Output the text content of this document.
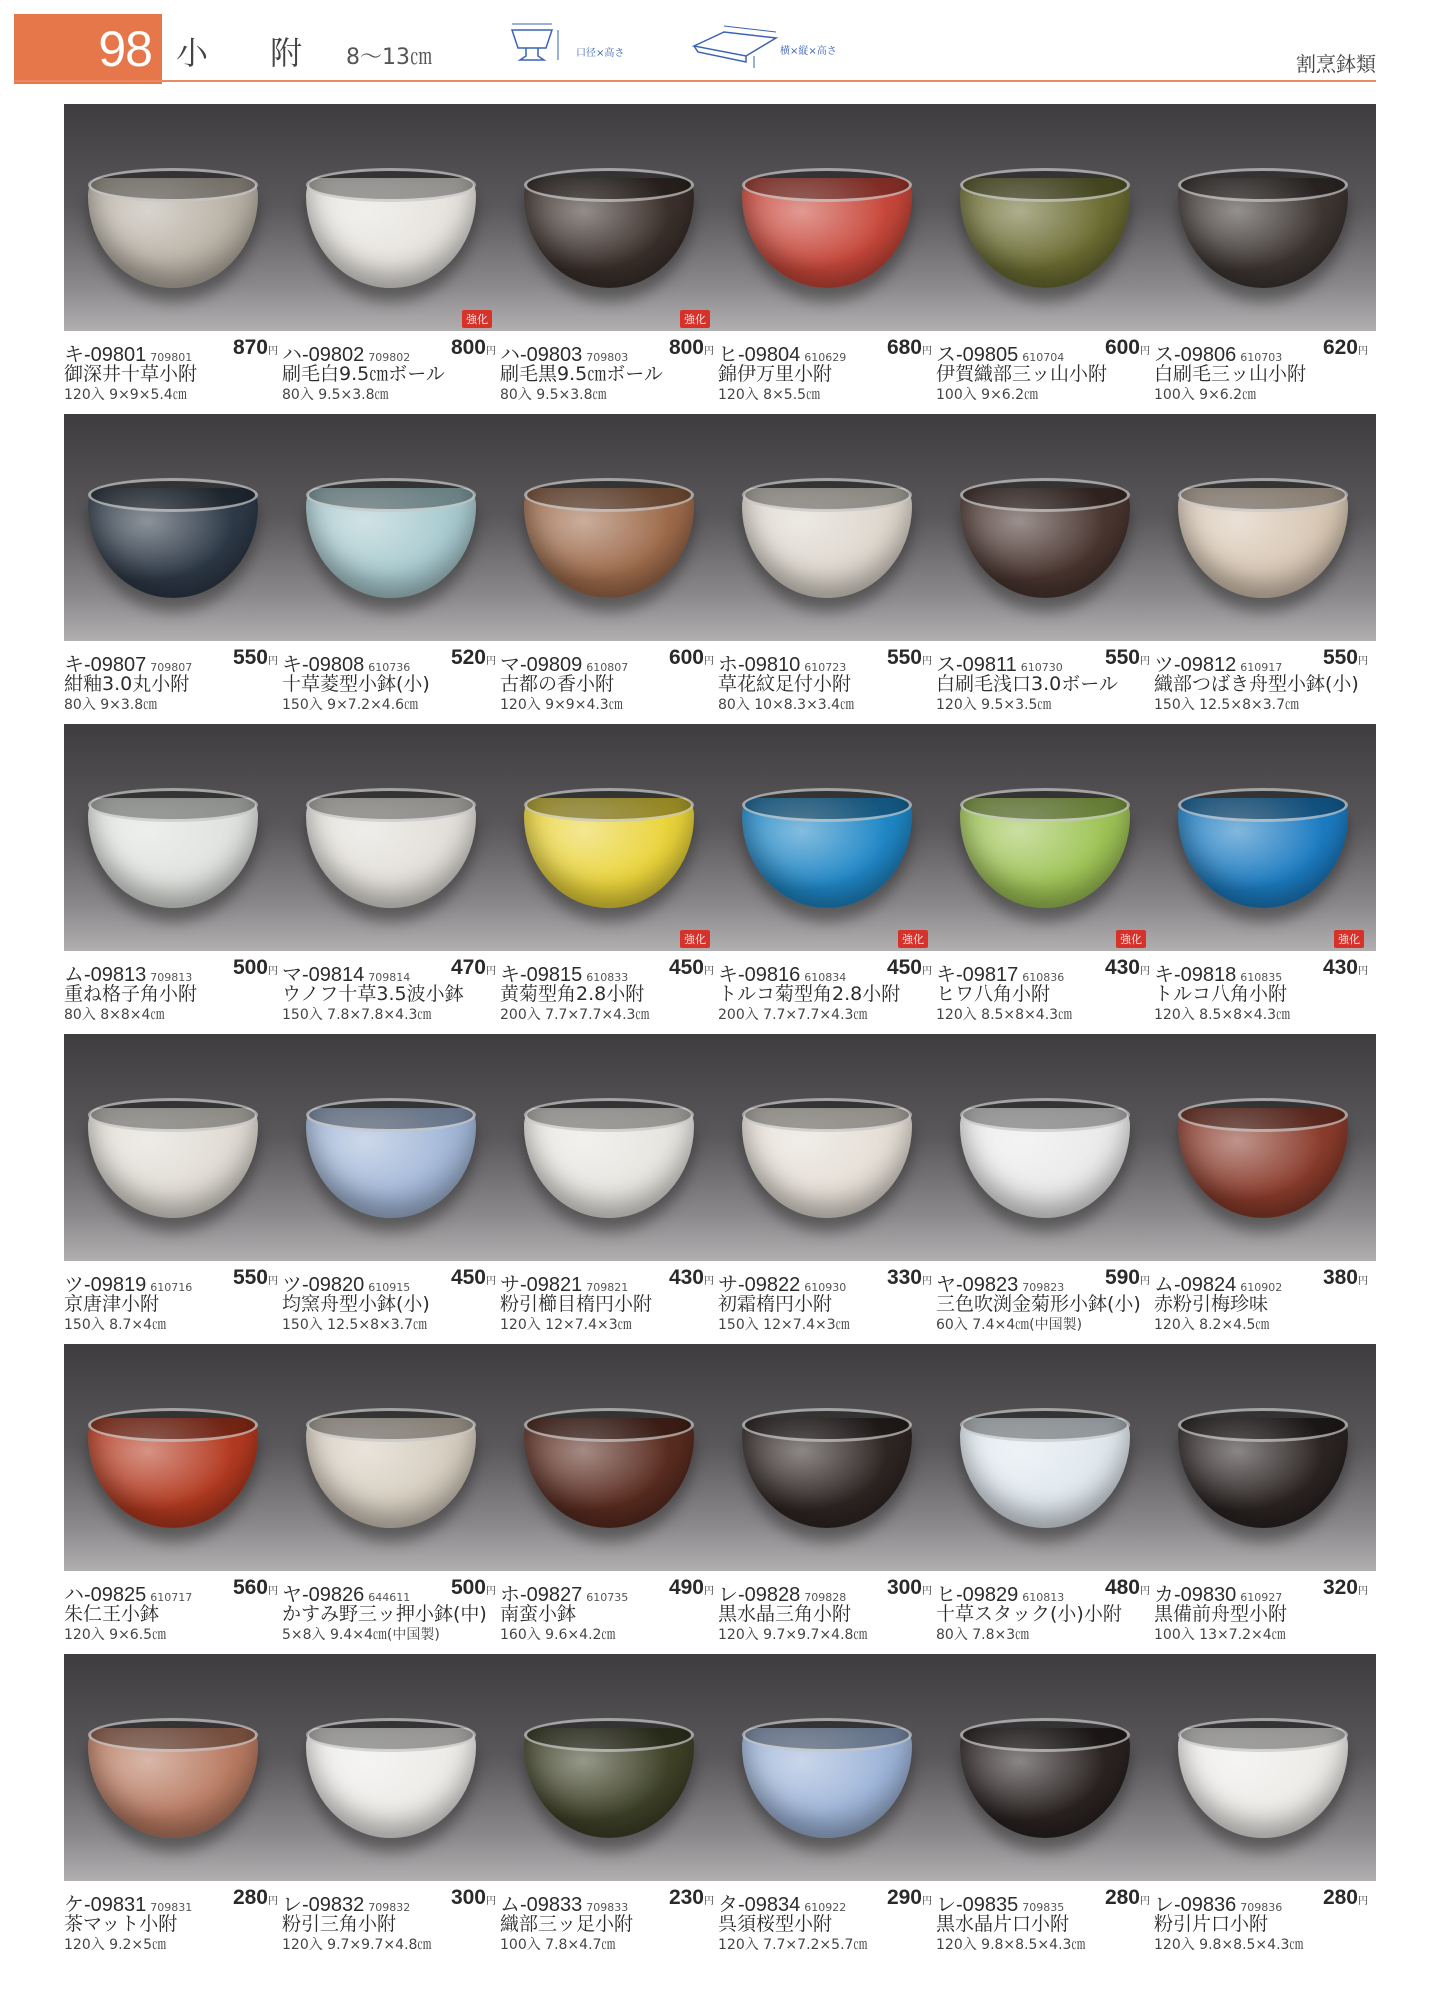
98 小 附 8〜13㎝	口径×高さ	横×縦×高さ
割烹鉢類
キ-09801 709801 870円
御深井十草小附
120入 9×9×5.4㎝
強化
ハ-09802 709802 800円
刷毛白9.5㎝ボール
80入 9.5×3.8㎝
強化
ハ-09803 709803 800円
刷毛黒9.5㎝ボール
80入 9.5×3.8㎝
ヒ-09804 610629 680円
錦伊万里小附
120入 8×5.5㎝
ス-09805 610704 600円
伊賀織部三ッ山小附
100入 9×6.2㎝
ス-09806 610703 620円
白刷毛三ッ山小附
100入 9×6.2㎝
キ-09807 709807 550円
紺釉3.0丸小附
80入 9×3.8㎝
キ-09808 610736 520円
十草菱型小鉢(小)
150入 9×7.2×4.6㎝
マ-09809 610807 600円
古都の香小附
120入 9×9×4.3㎝
ホ-09810 610723 550円
草花紋足付小附
80入 10×8.3×3.4㎝
ス-09811 610730 550円
白刷毛浅口3.0ボール
120入 9.5×3.5㎝
ツ-09812 610917 550円
織部つばき舟型小鉢(小)
150入 12.5×8×3.7㎝
ム-09813 709813 500円
重ね格子角小附
80入 8×8×4㎝
マ-09814 709814 470円
ウノフ十草3.5波小鉢
150入 7.8×7.8×4.3㎝
強化
キ-09815 610833 450円
黄菊型角2.8小附
200入 7.7×7.7×4.3㎝
強化
キ-09816 610834 450円
トルコ菊型角2.8小附
200入 7.7×7.7×4.3㎝
強化
キ-09817 610836 430円
ヒワ八角小附
120入 8.5×8×4.3㎝
強化
キ-09818 610835 430円
トルコ八角小附
120入 8.5×8×4.3㎝
ツ-09819 610716 550円
京唐津小附
150入 8.7×4㎝
ツ-09820 610915 450円
均窯舟型小鉢(小)
150入 12.5×8×3.7㎝
サ-09821 709821 430円
粉引櫛目楕円小附
120入 12×7.4×3㎝
サ-09822 610930 330円
初霜楕円小附
150入 12×7.4×3㎝
ヤ-09823 709823 590円
三色吹渕金菊形小鉢(小)
60入 7.4×4㎝(中国製)
ム-09824 610902 380円
赤粉引梅珍味
120入 8.2×4.5㎝
ハ-09825 610717 560円
朱仁王小鉢
120入 9×6.5㎝
ヤ-09826 644611 500円
かすみ野三ッ押小鉢(中)
5×8入 9.4×4㎝(中国製)
ホ-09827 610735 490円
南蛮小鉢
160入 9.6×4.2㎝
レ-09828 709828 300円
黒水晶三角小附
120入 9.7×9.7×4.8㎝
ヒ-09829 610813 480円
十草スタック(小)小附
80入 7.8×3㎝
カ-09830 610927 320円
黒備前舟型小附
100入 13×7.2×4㎝
ケ-09831 709831 280円
茶マット小附
120入 9.2×5㎝
レ-09832 709832 300円
粉引三角小附
120入 9.7×9.7×4.8㎝
ム-09833 709833 230円
織部三ッ足小附
100入 7.8×4.7㎝
タ-09834 610922 290円
呉須桜型小附
120入 7.7×7.2×5.7㎝
レ-09835 709835 280円
黒水晶片口小附
120入 9.8×8.5×4.3㎝
レ-09836 709836 280円
粉引片口小附
120入 9.8×8.5×4.3㎝
